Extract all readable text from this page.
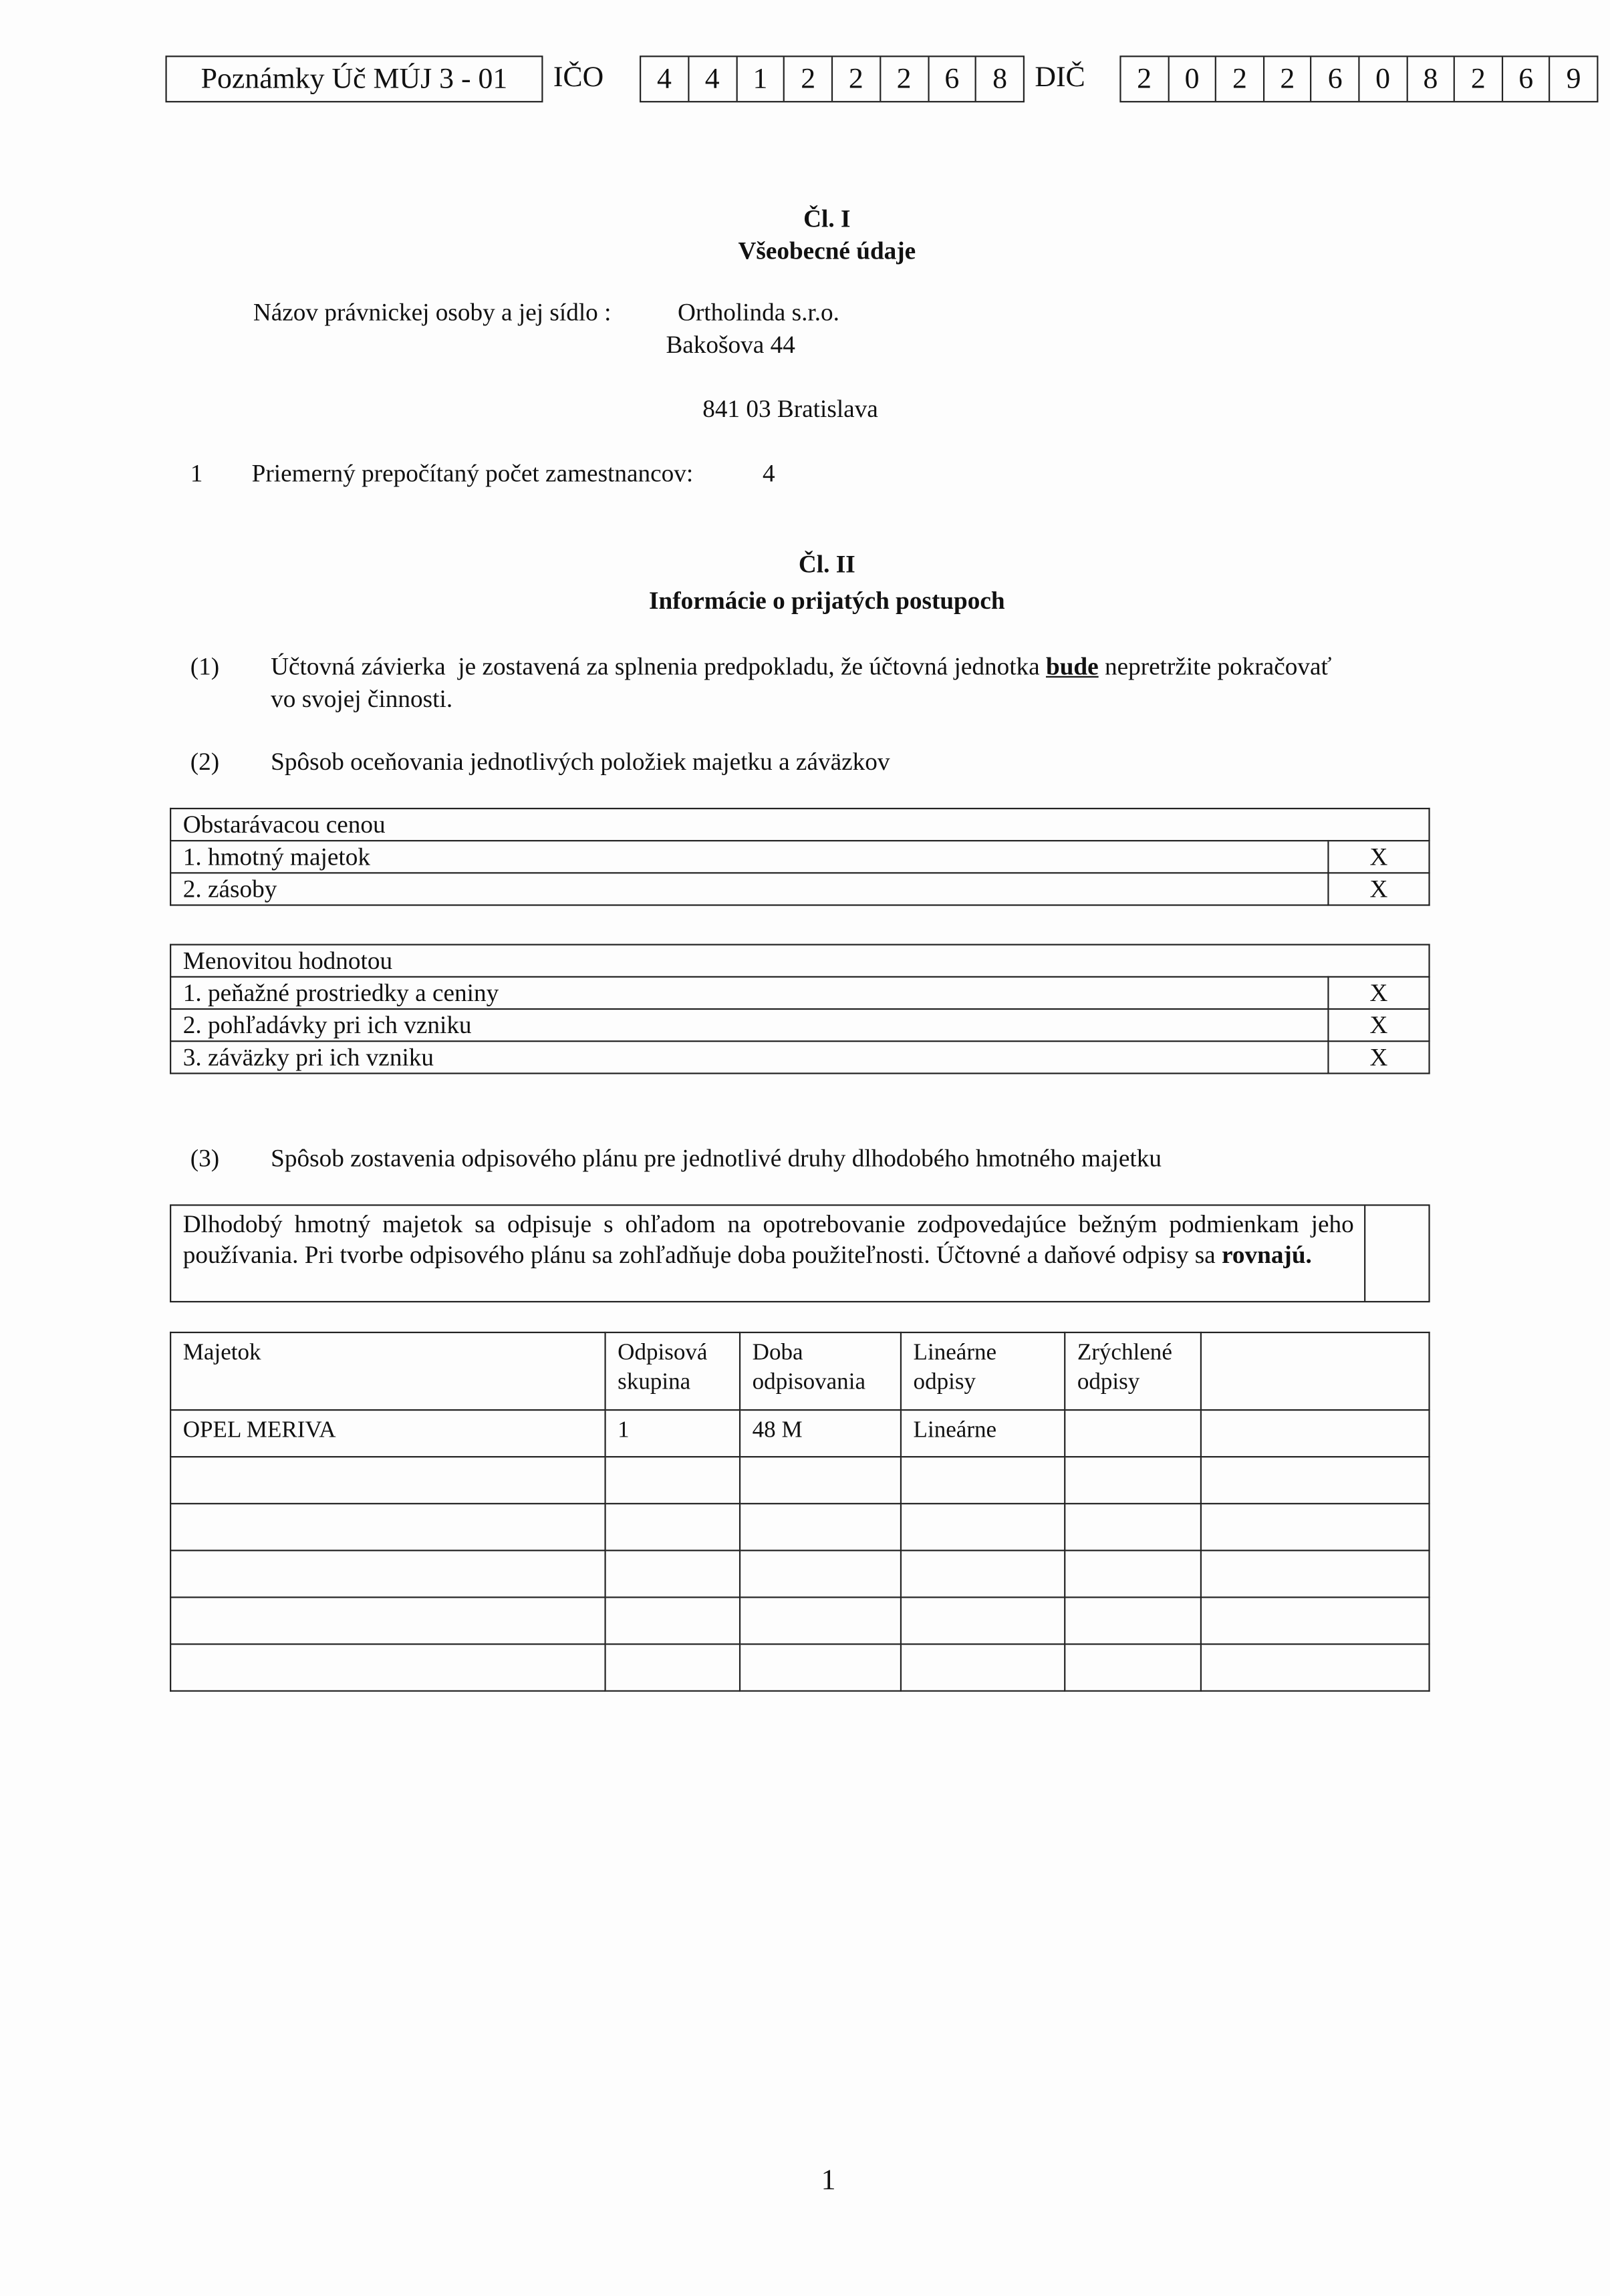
Poznámky Úč MÚJ 3 - 01	IČO	4	4	1	2	2	2	6	8	DIČ	2	0	2	2	6	0	8	2	6	9
Čl. I
Všeobecné údaje
Názov právnickej osoby a jej sídlo :	Ortholinda s.r.o.
Bakošova 44
841 03 Bratislava
1	Priemerný prepočítaný počet zamestnancov:	4
Čl. II
Informácie o prijatých postupoch
(1)	Účtovná závierka  je zostavená za splnenia predpokladu, že účtovná jednotka bude nepretržite pokračovať
vo svojej činnosti.
(2)	Spôsob oceňovania jednotlivých položiek majetku a záväzkov
Obstarávacou cenou	
1. hmotný majetok	X
2. zásoby	X
Menovitou hodnotou	
1. peňažné prostriedky a ceniny	X
2. pohľadávky pri ich vzniku	X
3. záväzky pri ich vzniku	X
(3)	Spôsob zostavenia odpisového plánu pre jednotlivé druhy dlhodobého hmotného majetku
Dlhodobý hmotný majetok sa odpisuje s ohľadom na opotrebovanie zodpovedajúce bežným podmienkam jeho používania. Pri tvorbe odpisového plánu sa zohľadňuje doba použiteľnosti. Účtovné a daňové odpisy sa rovnajú.
Majetok	Odpisová skupina	Doba odpisovania	Lineárne odpisy	Zrýchlené odpisy	
OPEL MERIVA	1	48 M	Lineárne		

1
